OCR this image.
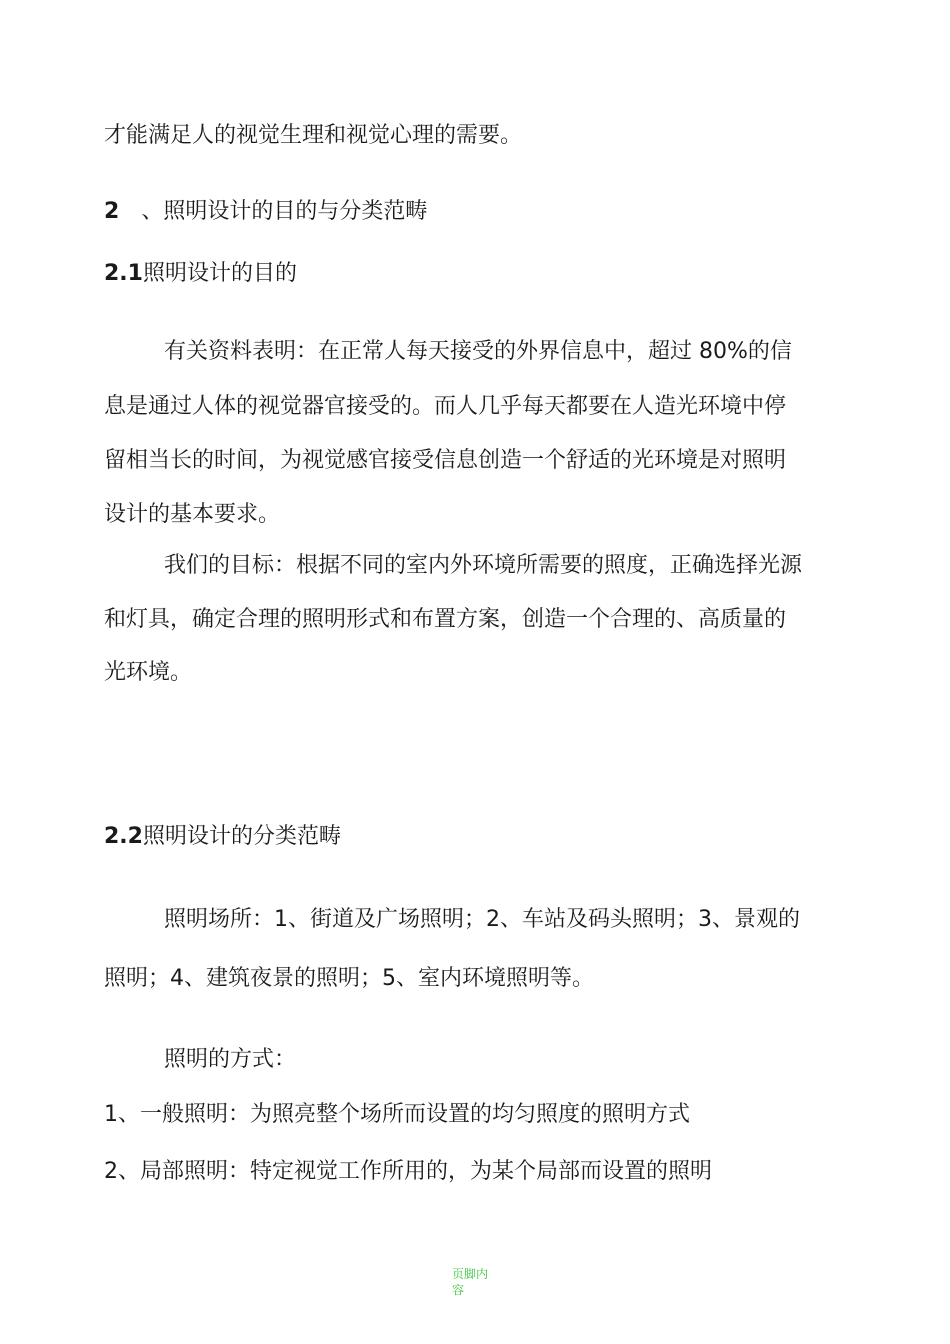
才能满足人的视觉生理和视觉心理的需要。
2 、照明设计的目的与分类范畴
2.1照明设计的目的
有关资料表明：在正常人每天接受的外界信息中，超过 80%的信
息是通过人体的视觉器官接受的。而人几乎每天都要在人造光环境中停
留相当长的时间，为视觉感官接受信息创造一个舒适的光环境是对照明
设计的基本要求。
我们的目标：根据不同的室内外环境所需要的照度，正确选择光源
和灯具，确定合理的照明形式和布置方案，创造一个合理的、高质量的
光环境。
2.2照明设计的分类范畴
照明场所：1、街道及广场照明；2、车站及码头照明；3、景观的
照明；4、建筑夜景的照明；5、室内环境照明等。
照明的方式：
1、一般照明：为照亮整个场所而设置的均匀照度的照明方式
2、局部照明：特定视觉工作所用的，为某个局部而设置的照明
页脚内容
